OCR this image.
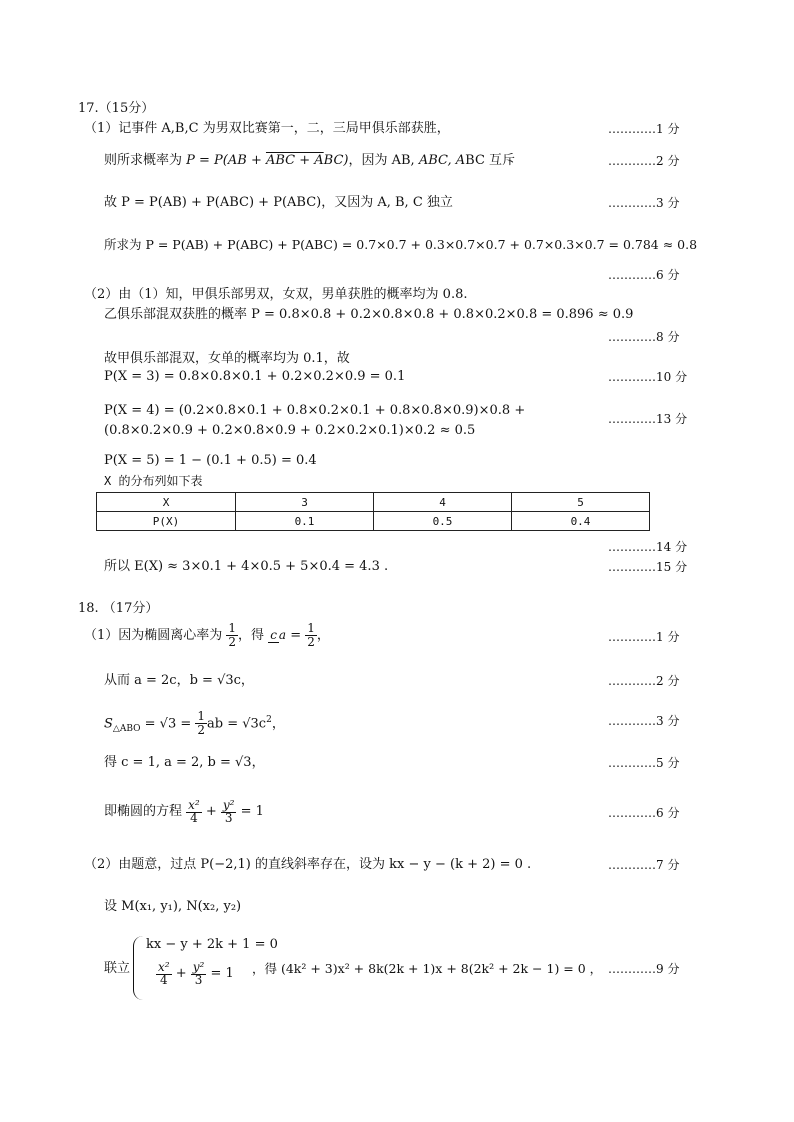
17.（15分）
（1）记事件 A,B,C 为男双比赛第一，二，三局甲俱乐部获胜，	…………1 分
则所求概率为 P = P(AB + ABC + ABC)，因为 AB, ABC, ABC 互斥	…………2 分
故 P = P(AB) + P(ABC) + P(ABC)，又因为 A, B, C 独立	…………3 分
所求为 P = P(AB) + P(ABC) + P(ABC) = 0.7×0.7 + 0.3×0.7×0.7 + 0.7×0.3×0.7 = 0.784 ≈ 0.8
…………6 分
（2）由（1）知，甲俱乐部男双，女双，男单获胜的概率均为 0.8.
乙俱乐部混双获胜的概率 P = 0.8×0.8 + 0.2×0.8×0.8 + 0.8×0.2×0.8 = 0.896 ≈ 0.9
…………8 分
故甲俱乐部混双，女单的概率均为 0.1，故
P(X = 3) = 0.8×0.8×0.1 + 0.2×0.2×0.9 = 0.1	…………10 分
P(X = 4) = (0.2×0.8×0.1 + 0.8×0.2×0.1 + 0.8×0.8×0.9)×0.8 +
…………13 分
(0.8×0.2×0.9 + 0.2×0.8×0.9 + 0.2×0.2×0.1)×0.2 ≈ 0.5
P(X = 5) = 1 − (0.1 + 0.5) = 0.4
X 的分布列如下表
X	3	4	5
P(X)	0.1	0.5	0.4
…………14 分
所以 E(X) ≈ 3×0.1 + 4×0.5 + 5×0.4 = 4.3 .	…………15 分
18. （17分）
（1）因为椭圆离心率为 $\frac{1}{2}$ ，得 c $a = \frac{1}{2}$ ，	…………1 分
从而 a = 2c，b = √3c，	…………2 分
$S_{\triangle ABO} = √3 = \frac{1}{2}$ ab = $√3c^2$，	…………3 分
得 c = 1, a = 2, b = √3，	…………5 分
即椭圆的方程 $\frac{\text{x²}}{4} + \frac{\text{y²}}{3} = 1$	…………6 分
（2）由题意，过点 P(−2,1) 的直线斜率存在，设为 kx − y − (k + 2) = 0 .	…………7 分
设 M(x₁, y₁), N(x₂, y₂)
联立
kx − y + 2k + 1 = 0
$\frac{\text{x²}}{4} + \frac{\text{y²}}{3} = 1$ ，得 (4k² + 3)x² + 8k(2k + 1)x + 8(2k² + 2k − 1) = 0 ， …………9 分
